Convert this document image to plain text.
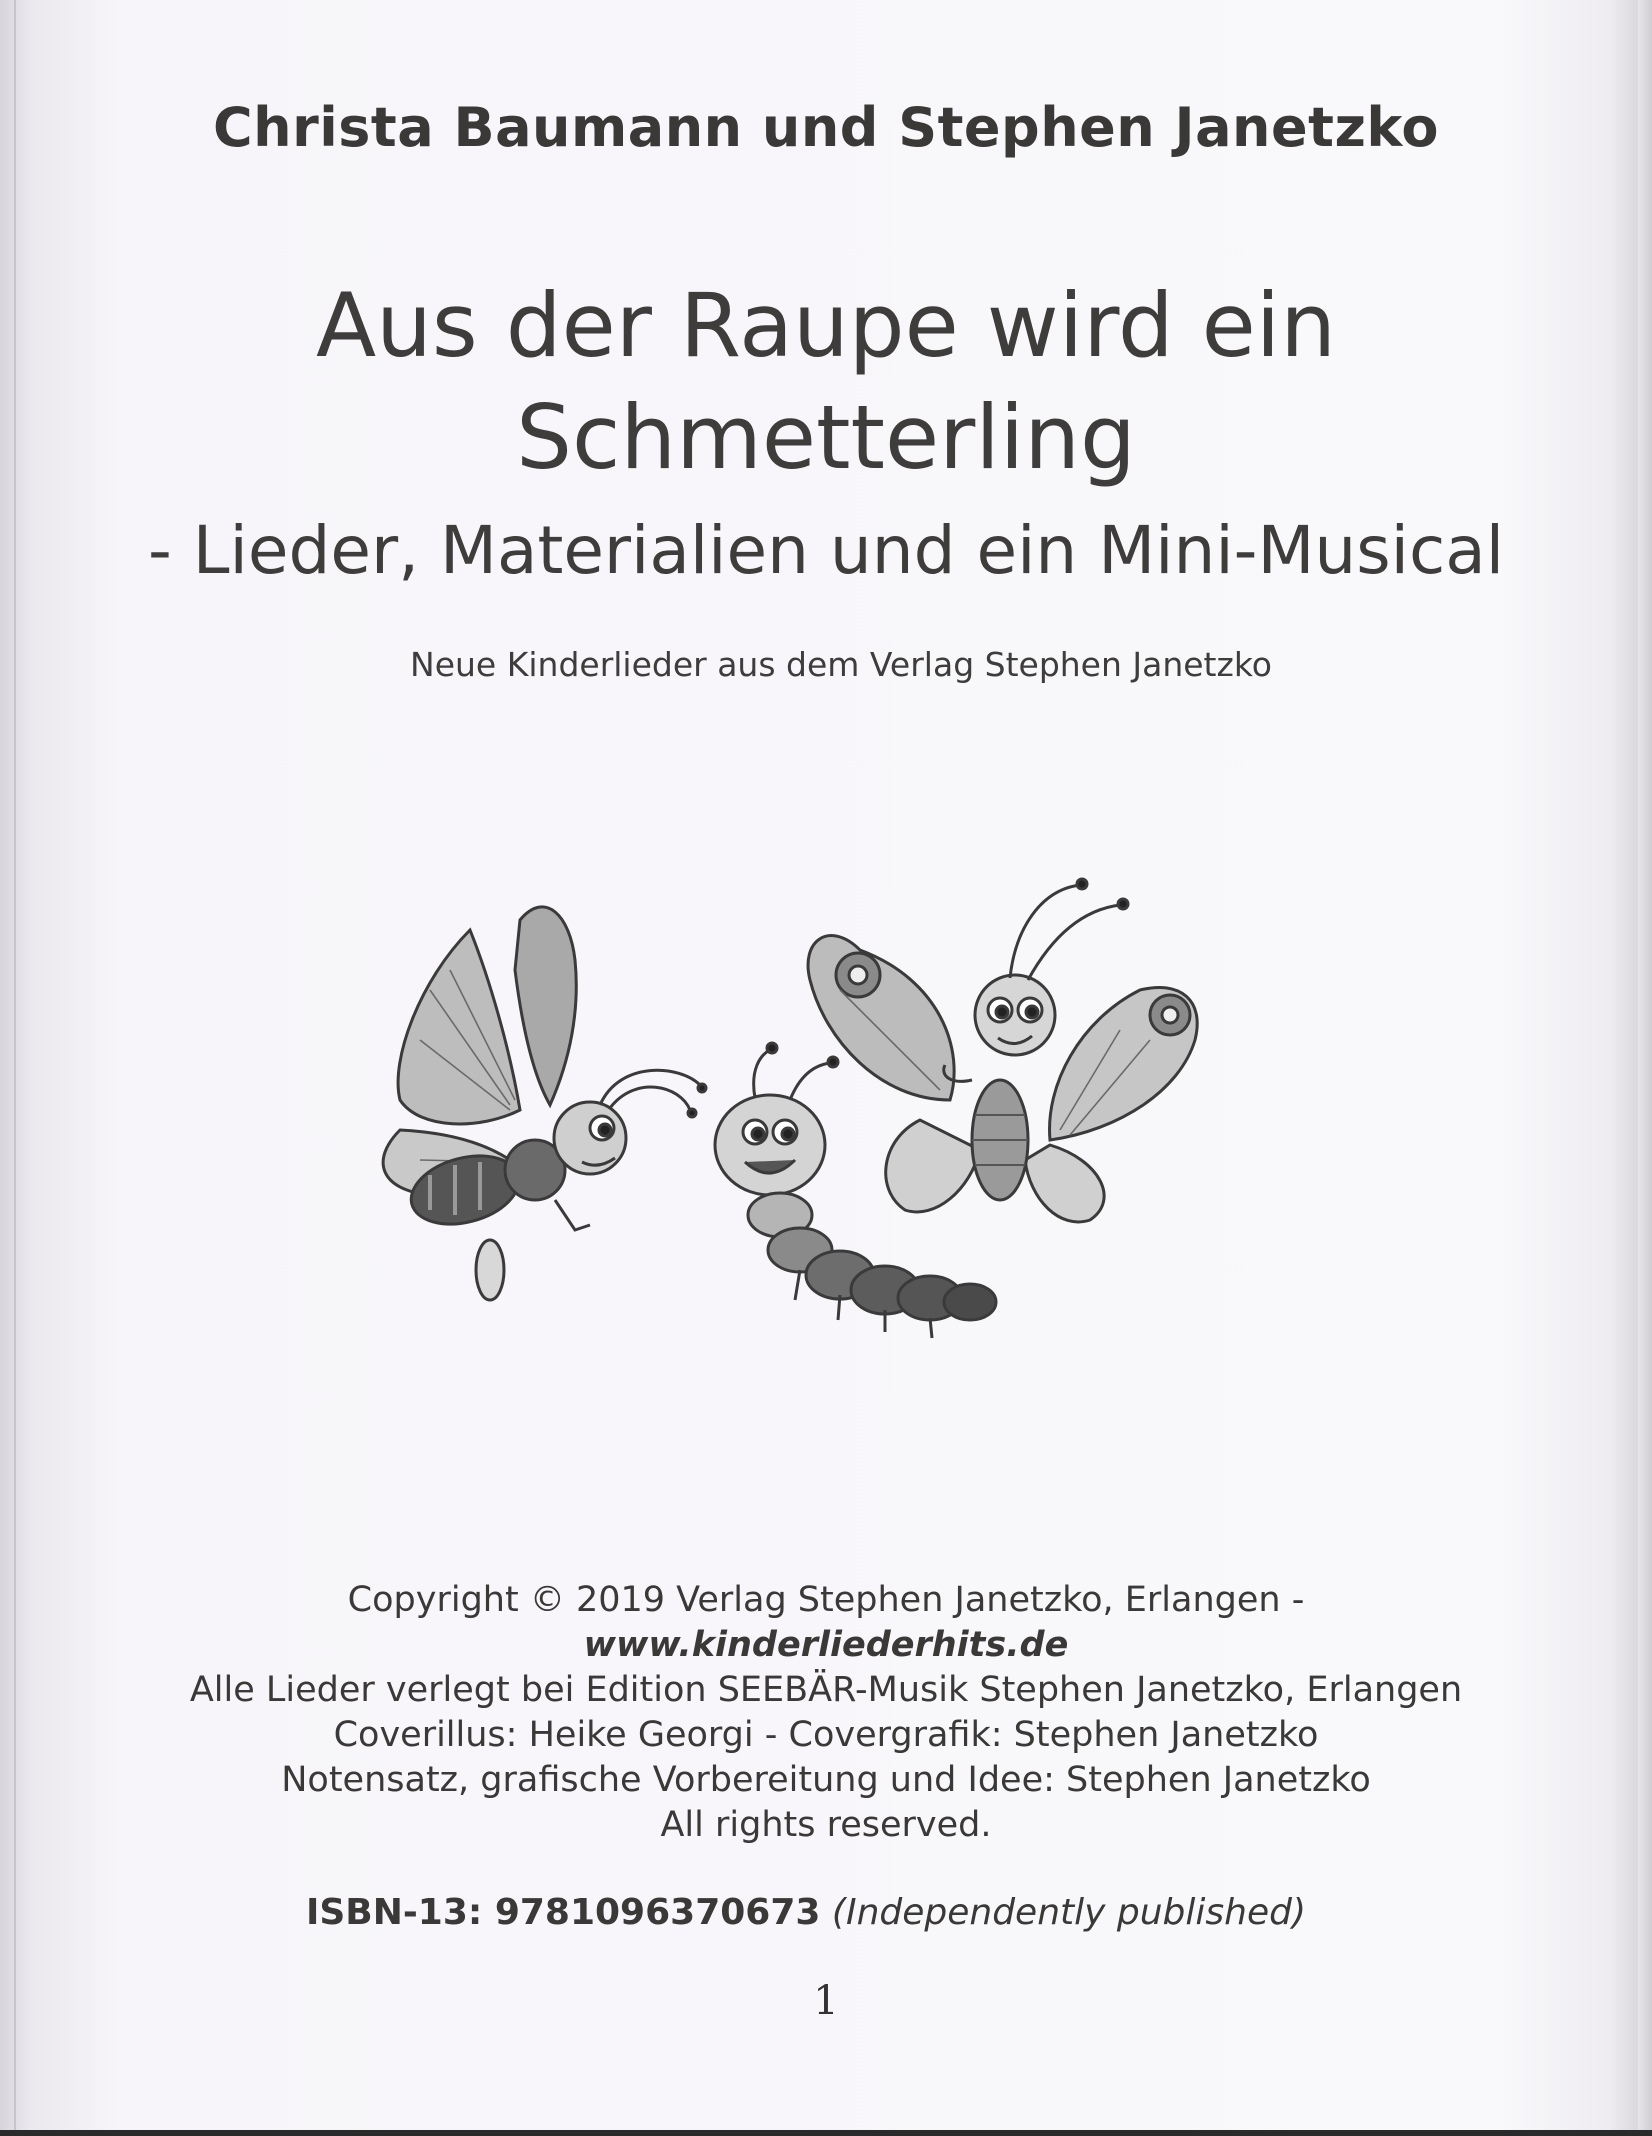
Christa Baumann und Stephen Janetzko
Aus der Raupe wird ein
Schmetterling
- Lieder, Materialien und ein Mini-Musical
Neue Kinderlieder aus dem Verlag Stephen Janetzko
Copyright © 2019 Verlag Stephen Janetzko, Erlangen -
www.kinderliederhits.de
Alle Lieder verlegt bei Edition SEEBÄR-Musik Stephen Janetzko, Erlangen
Coverillus: Heike Georgi - Covergrafik: Stephen Janetzko
Notensatz, grafische Vorbereitung und Idee: Stephen Janetzko
All rights reserved.
ISBN-13: 9781096370673 (Independently published)
1
